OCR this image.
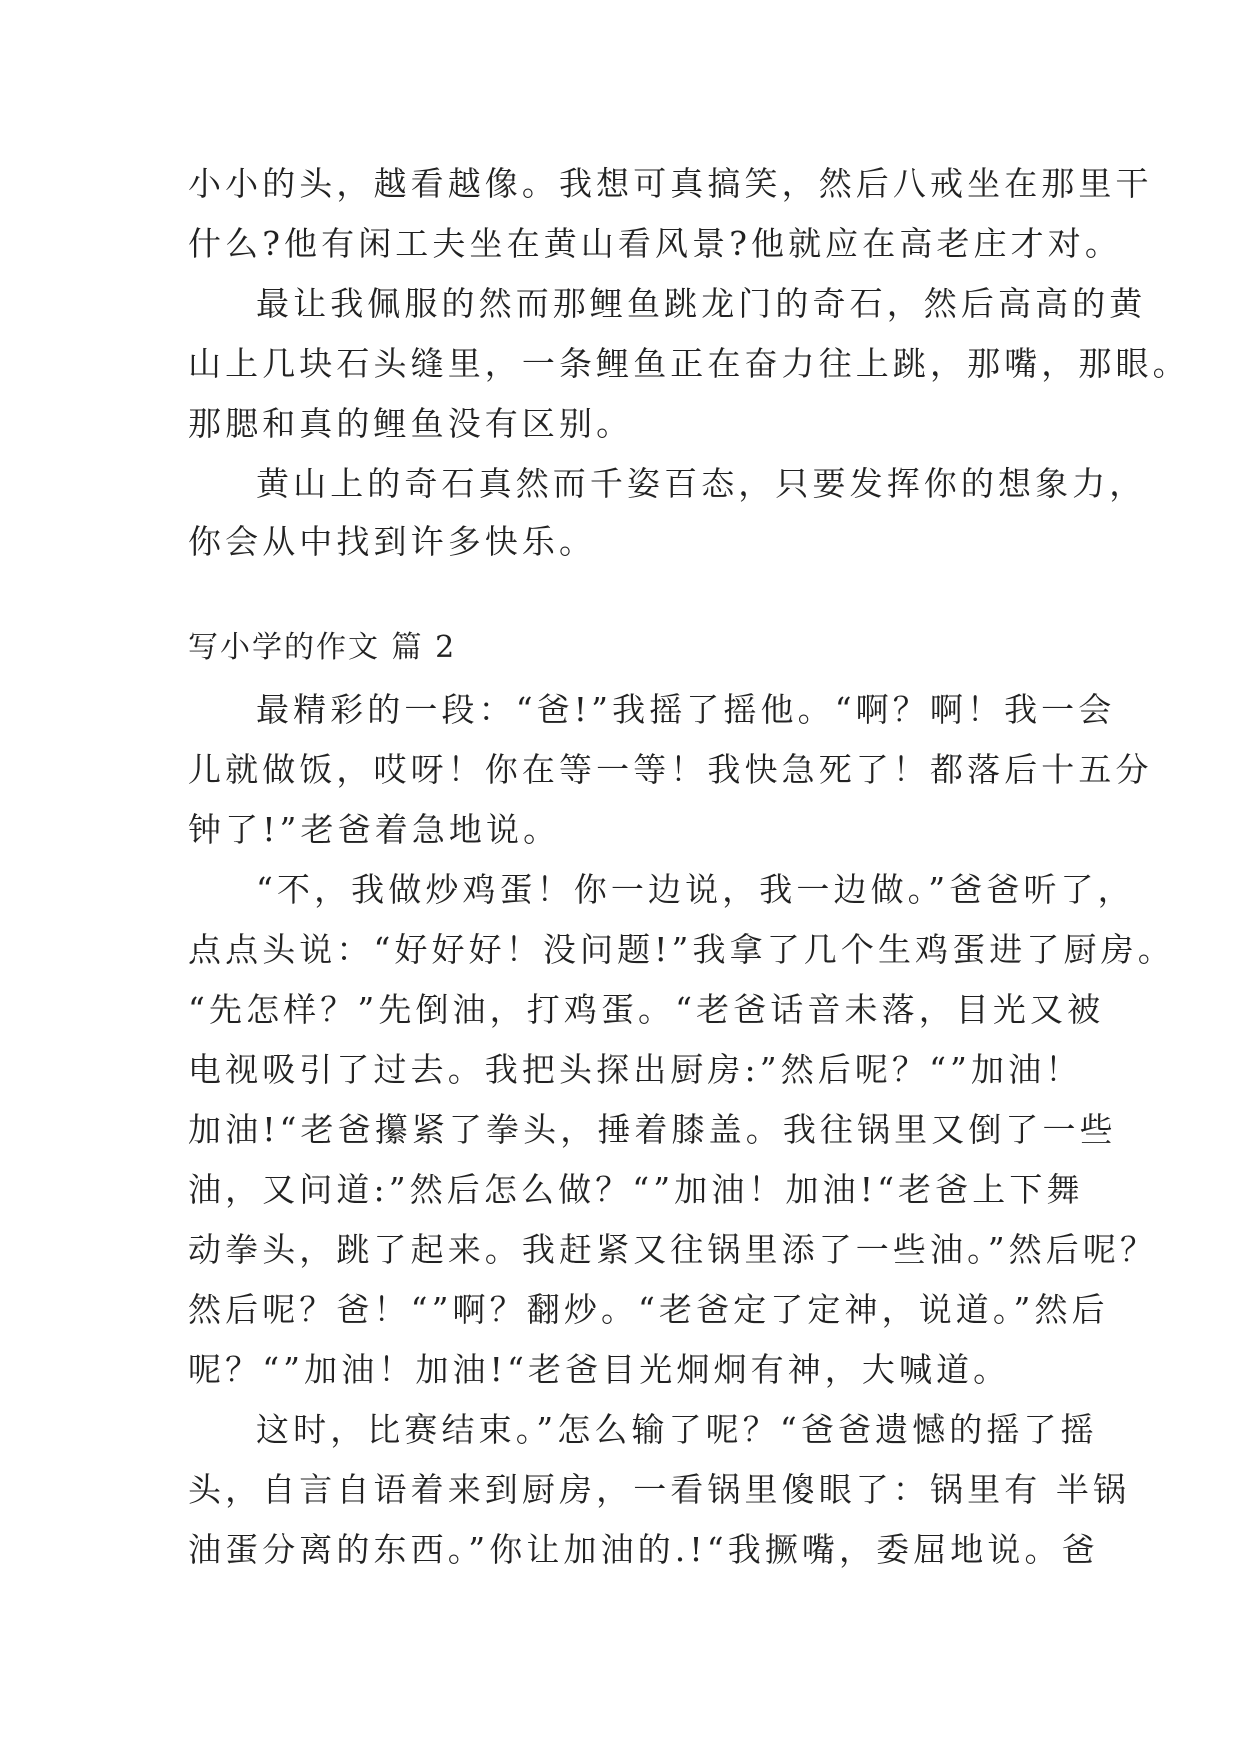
小小的头，越看越像。我想可真搞笑，然后八戒坐在那里干
什么?他有闲工夫坐在黄山看风景?他就应在高老庄才对。
最让我佩服的然而那鲤鱼跳龙门的奇石，然后高高的黄
山上几块石头缝里，一条鲤鱼正在奋力往上跳，那嘴，那眼。
那腮和真的鲤鱼没有区别。
黄山上的奇石真然而千姿百态，只要发挥你的想象力，
你会从中找到许多快乐。
写小学的作文 篇 2
最精彩的一段：“爸!”我摇了摇他。“啊？啊！我一会
儿就做饭，哎呀！你在等一等！我快急死了！都落后十五分
钟了!”老爸着急地说。
“不，我做炒鸡蛋！你一边说，我一边做。”爸爸听了，
点点头说：“好好好！没问题!”我拿了几个生鸡蛋进了厨房。
“先怎样？”先倒油，打鸡蛋。“老爸话音未落，目光又被
电视吸引了过去。我把头探出厨房:”然后呢？“”加油！
加油!“老爸攥紧了拳头，捶着膝盖。我往锅里又倒了一些
油，又问道:”然后怎么做？“”加油！加油!“老爸上下舞
动拳头，跳了起来。我赶紧又往锅里添了一些油。”然后呢？
然后呢？爸！“”啊？翻炒。“老爸定了定神，说道。”然后
呢？“”加油！加油!“老爸目光炯炯有神，大喊道。
这时，比赛结束。”怎么输了呢？“爸爸遗憾的摇了摇
头，自言自语着来到厨房，一看锅里傻眼了：锅里有 半锅
油蛋分离的东西。”你让加油的.!“我撅嘴，委屈地说。爸
